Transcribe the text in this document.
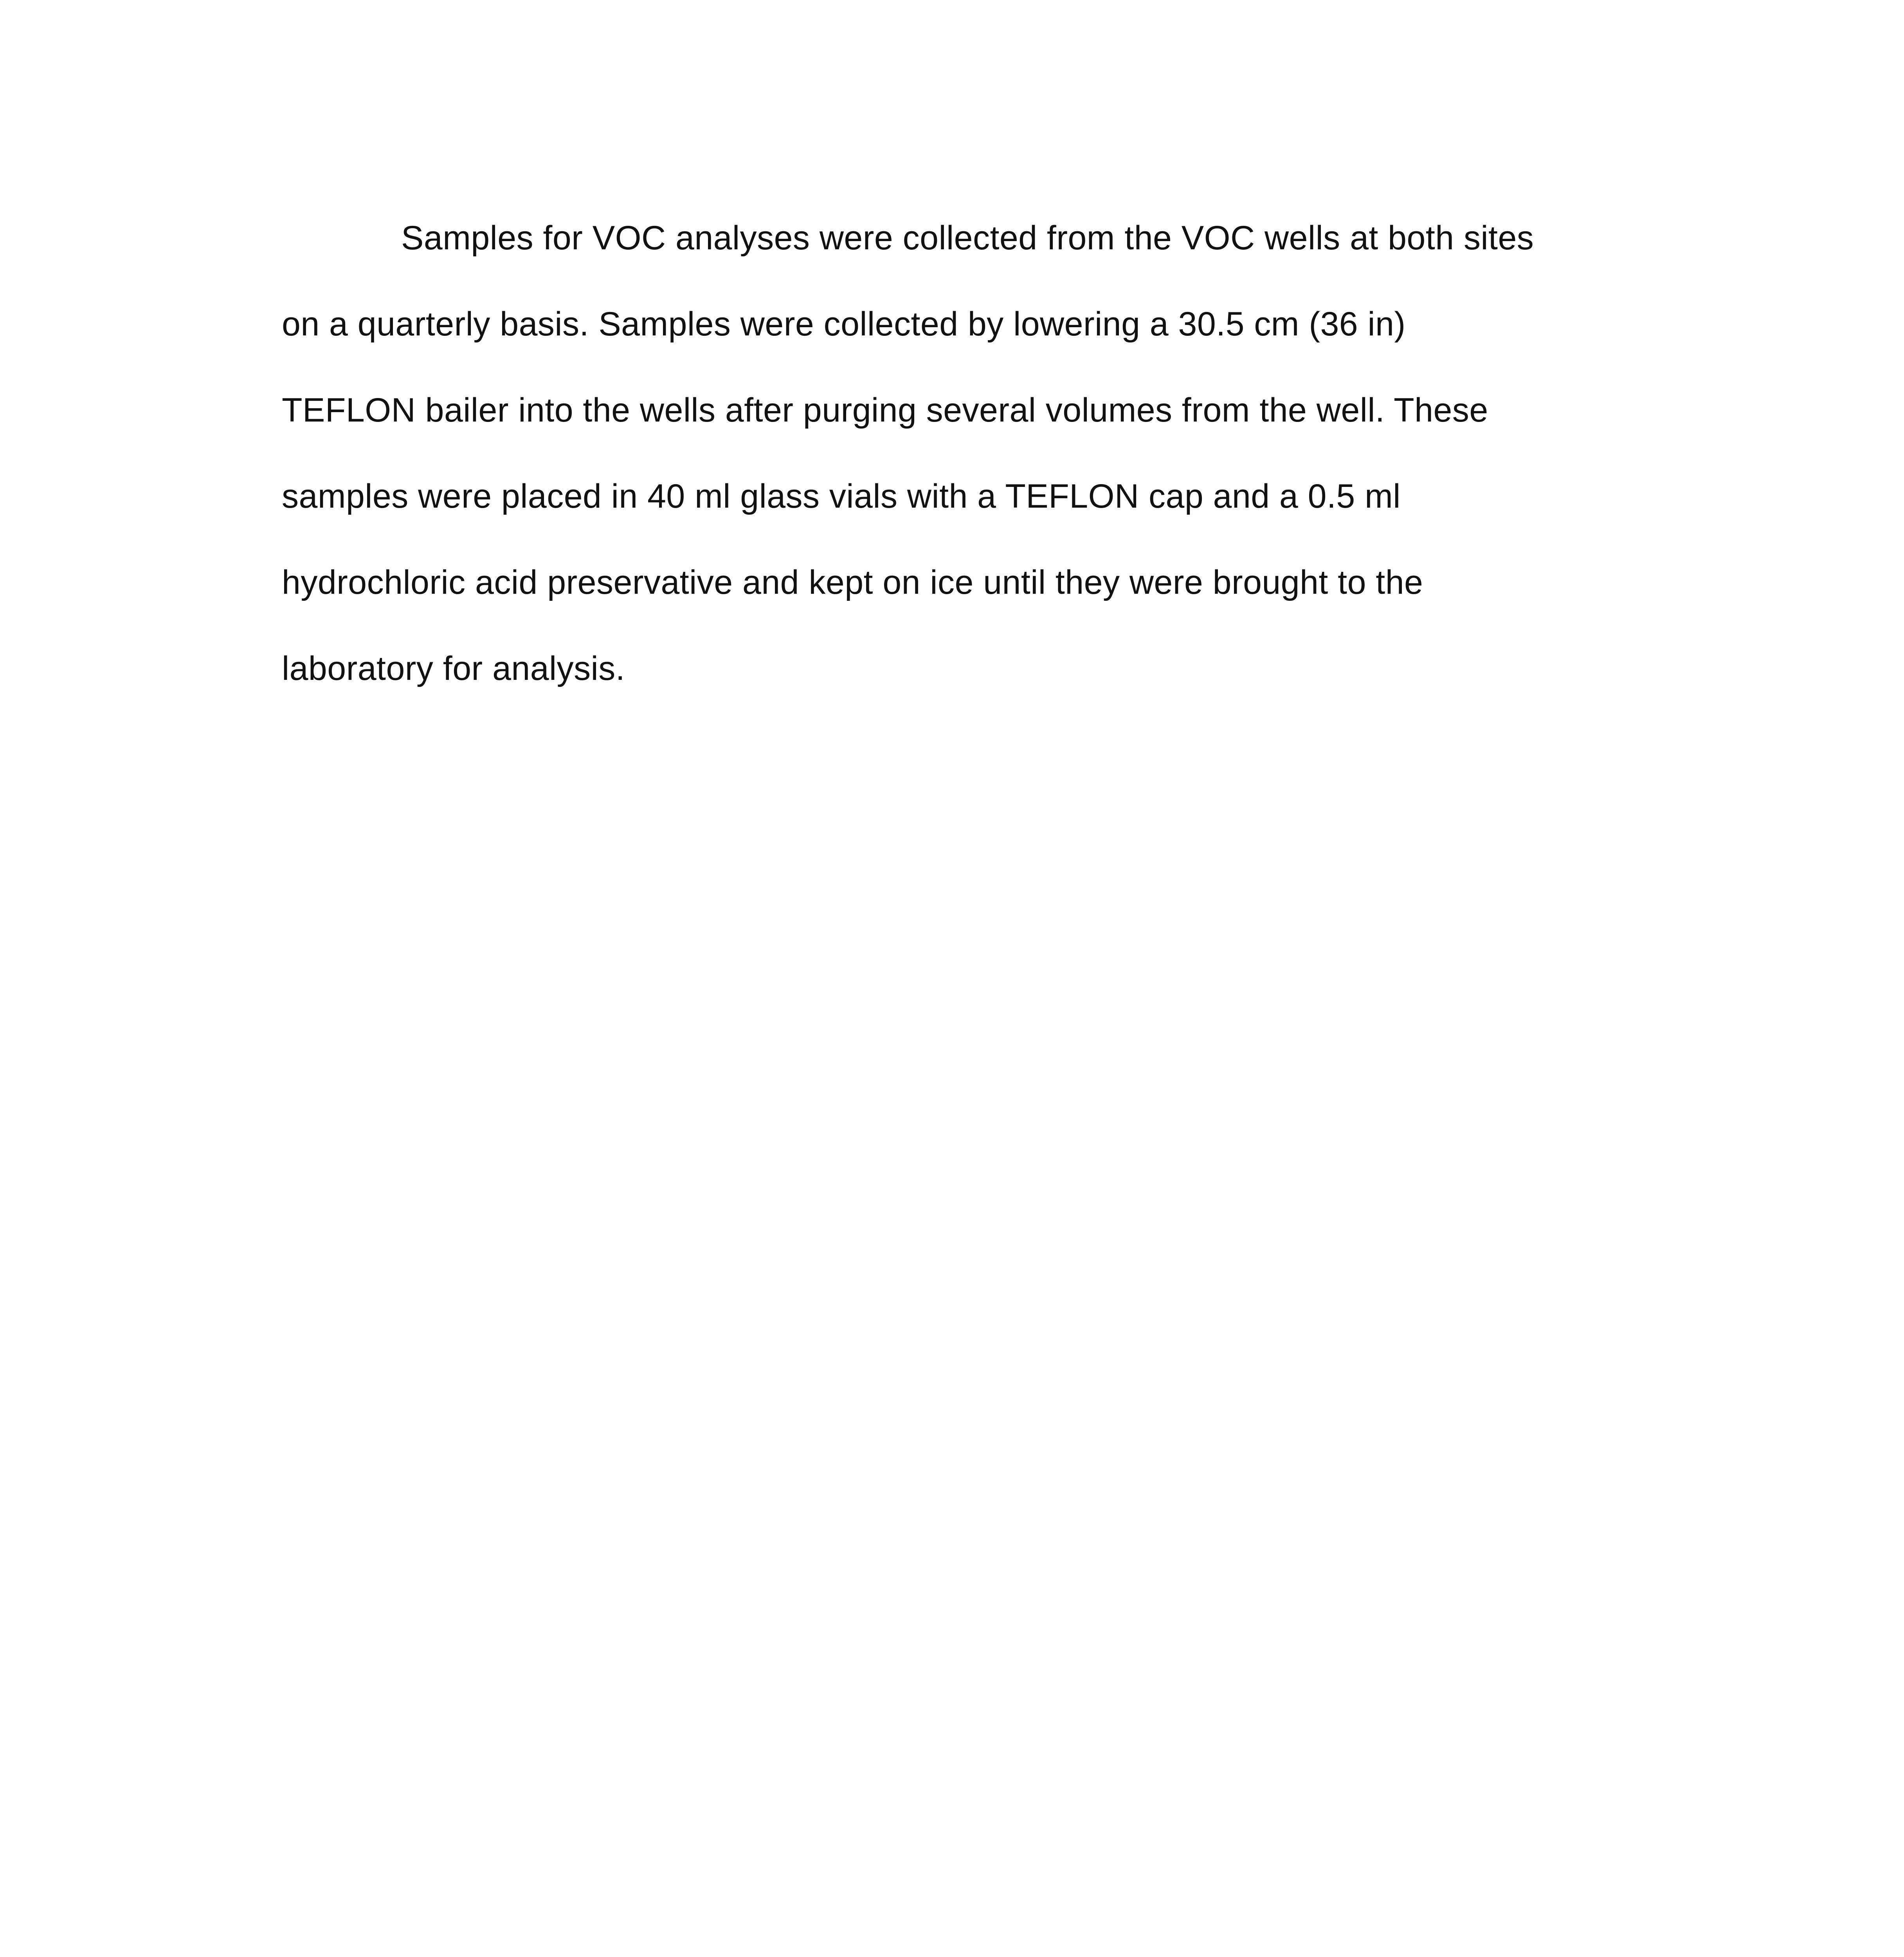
Samples for VOC analyses were collected from the VOC wells at both sites

on a quarterly basis. Samples were collected by lowering a 30.5 cm (36 in)

TEFLON bailer into the wells after purging several volumes from the well. These

samples were placed in 40 ml glass vials with a TEFLON cap and a 0.5 ml

hydrochloric acid preservative and kept on ice until they were brought to the

laboratory for analysis.
